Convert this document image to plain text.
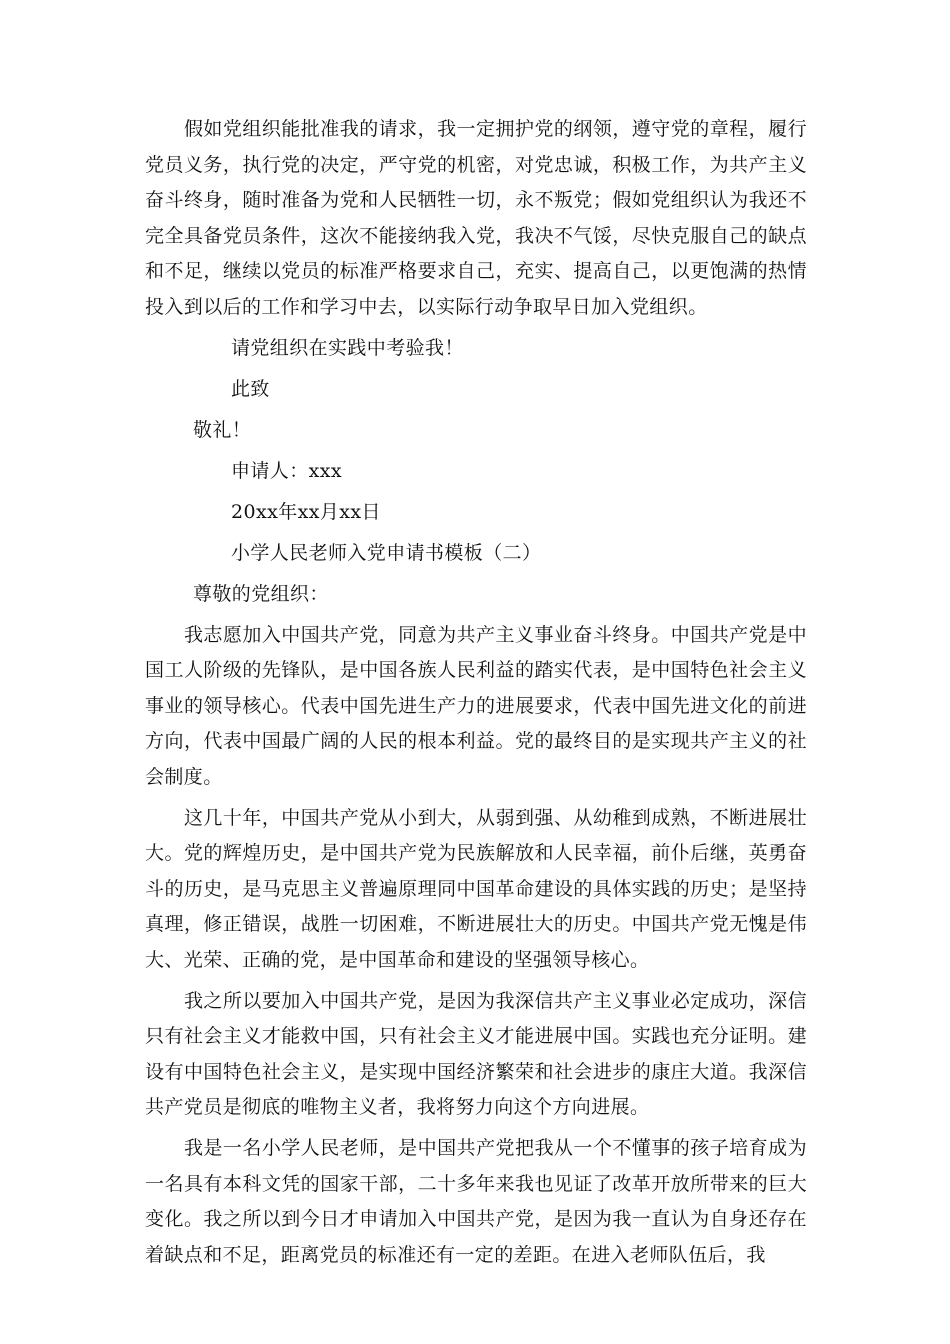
假如党组织能批准我的请求，我一定拥护党的纲领，遵守党的章程，履行党员义务，执行党的决定，严守党的机密，对党忠诚，积极工作，为共产主义奋斗终身，随时准备为党和人民牺牲一切，永不叛党；假如党组织认为我还不完全具备党员条件，这次不能接纳我入党，我决不气馁，尽快克服自己的缺点和不足，继续以党员的标准严格要求自己，充实、提高自己，以更饱满的热情投入到以后的工作和学习中去，以实际行动争取早日加入党组织。

请党组织在实践中考验我！

此致

敬礼！

申请人：xxx

20xx年xx月xx日

小学人民老师入党申请书模板（二）

尊敬的党组织：

我志愿加入中国共产党，同意为共产主义事业奋斗终身。中国共产党是中国工人阶级的先锋队，是中国各族人民利益的踏实代表，是中国特色社会主义事业的领导核心。代表中国先进生产力的进展要求，代表中国先进文化的前进方向，代表中国最广阔的人民的根本利益。党的最终目的是实现共产主义的社会制度。

这几十年，中国共产党从小到大，从弱到强、从幼稚到成熟，不断进展壮大。党的辉煌历史，是中国共产党为民族解放和人民幸福，前仆后继，英勇奋斗的历史，是马克思主义普遍原理同中国革命建设的具体实践的历史；是坚持真理，修正错误，战胜一切困难，不断进展壮大的历史。中国共产党无愧是伟大、光荣、正确的党，是中国革命和建设的坚强领导核心。

我之所以要加入中国共产党，是因为我深信共产主义事业必定成功，深信只有社会主义才能救中国，只有社会主义才能进展中国。实践也充分证明。建设有中国特色社会主义，是实现中国经济繁荣和社会进步的康庄大道。我深信共产党员是彻底的唯物主义者，我将努力向这个方向进展。

我是一名小学人民老师，是中国共产党把我从一个不懂事的孩子培育成为一名具有本科文凭的国家干部，二十多年来我也见证了改革开放所带来的巨大变化。我之所以到今日才申请加入中国共产党，是因为我一直认为自身还存在着缺点和不足，距离党员的标准还有一定的差距。在进入老师队伍后，我
